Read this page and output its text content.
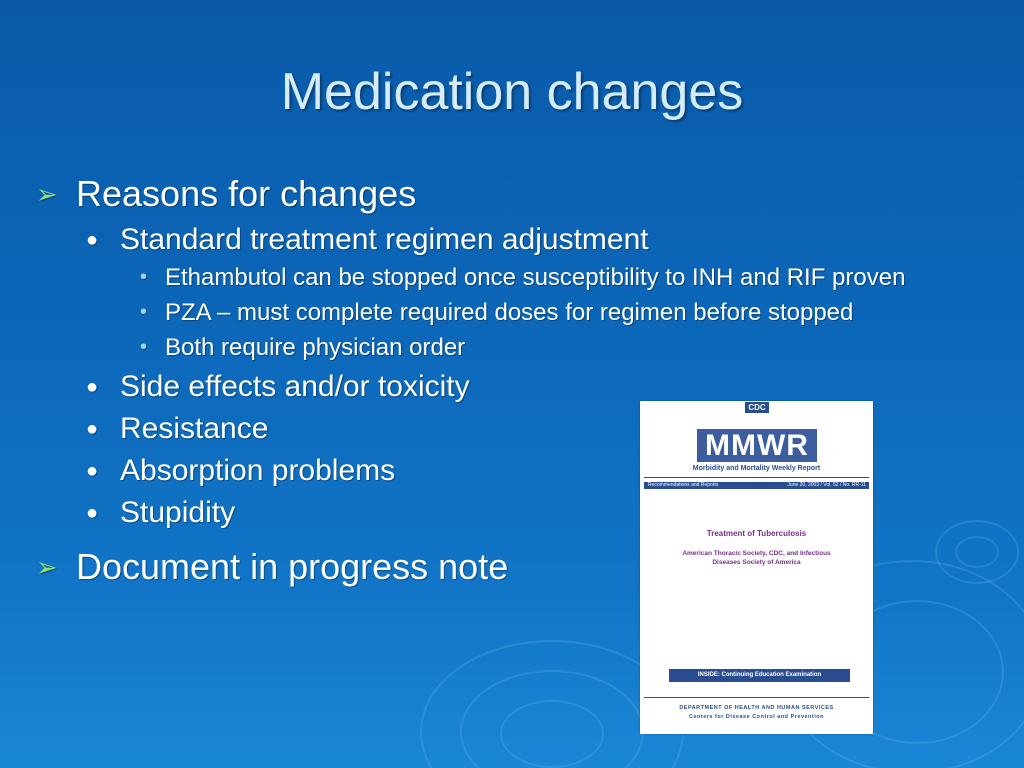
Medication changes
➢ Reasons for changes
● Standard treatment regimen adjustment
• Ethambutol can be stopped once susceptibility to INH and RIF proven
• PZA – must complete required doses for regimen before stopped
• Both require physician order
● Side effects and/or toxicity
● Resistance
● Absorption problems
● Stupidity
➢ Document in progress note
CDC
MMWR
Morbidity and Mortality Weekly Report
Recommendations and Reports	June 20, 2003 / Vol. 52 / No. RR-11
Treatment of Tuberculosis
American Thoracic Society, CDC, and Infectious Diseases Society of America
INSIDE: Continuing Education Examination
DEPARTMENT OF HEALTH AND HUMAN SERVICES
Centers for Disease Control and Prevention
